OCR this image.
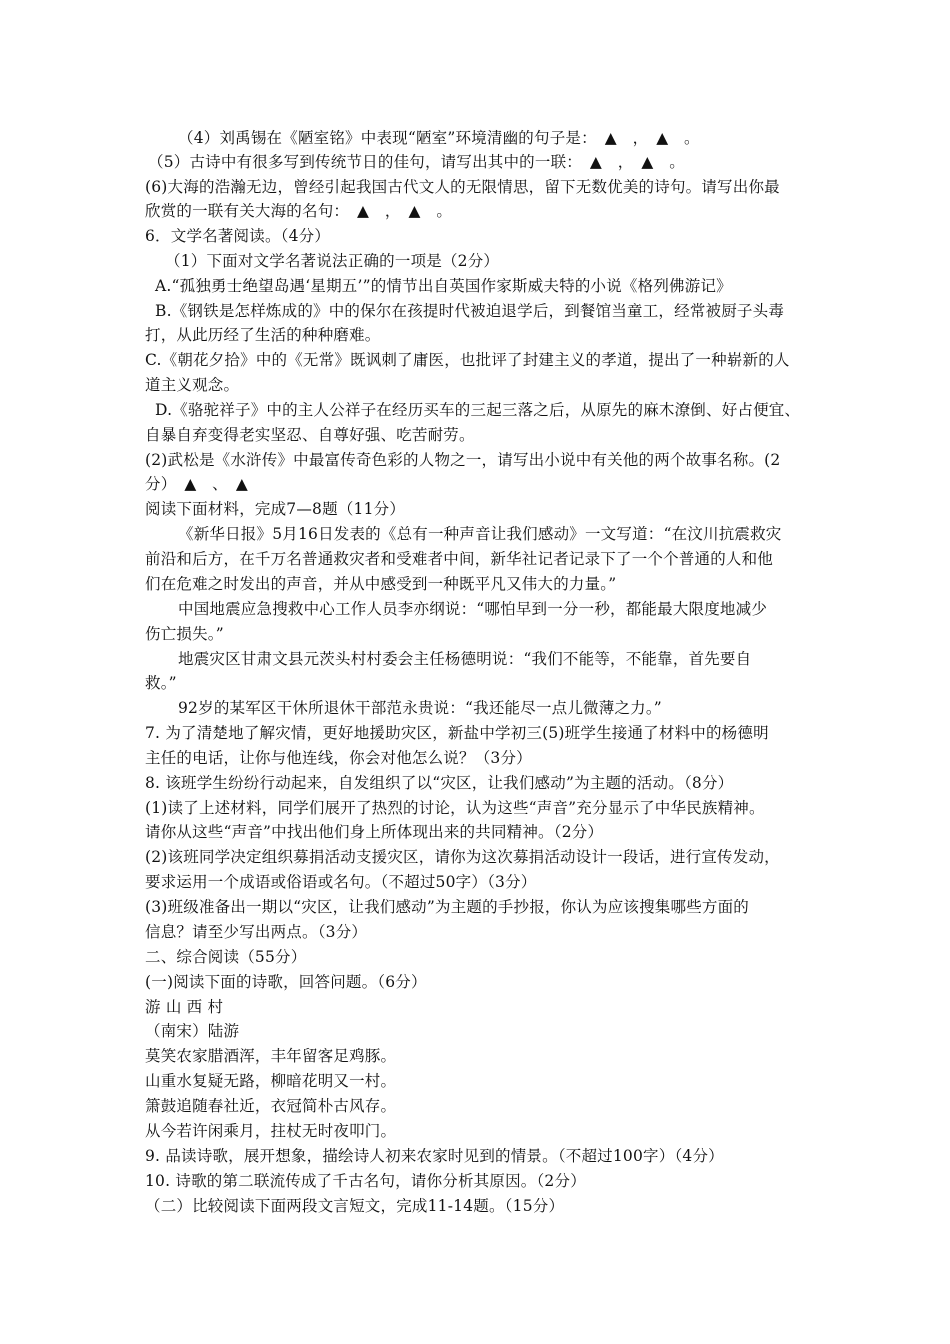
（4）刘禹锡在《陋室铭》中表现“陋室”环境清幽的句子是：　▲　，　▲　。
（5）古诗中有很多写到传统节日的佳句，请写出其中的一联：　▲　，　▲　。
(6)大海的浩瀚无边，曾经引起我国古代文人的无限情思，留下无数优美的诗句。请写出你最
欣赏的一联有关大海的名句：　▲　，　▲　。
6．文学名著阅读。（4分）
（1）下面对文学名著说法正确的一项是（2分）
A.“孤独勇士绝望岛遇‘星期五’”的情节出自英国作家斯威夫特的小说《格列佛游记》
B.《钢铁是怎样炼成的》中的保尔在孩提时代被迫退学后，到餐馆当童工，经常被厨子头毒
打，从此历经了生活的种种磨难。
C.《朝花夕拾》中的《无常》既讽刺了庸医，也批评了封建主义的孝道，提出了一种崭新的人
道主义观念。
D.《骆驼祥子》中的主人公祥子在经历买车的三起三落之后，从原先的麻木潦倒、好占便宜、
自暴自弃变得老实坚忍、自尊好强、吃苦耐劳。
(2)武松是《水浒传》中最富传奇色彩的人物之一，请写出小说中有关他的两个故事名称。(2
分）　▲　、　▲
阅读下面材料，完成7—8题（11分）
《新华日报》5月16日发表的《总有一种声音让我们感动》一文写道：“在汶川抗震救灾
前沿和后方，在千万名普通救灾者和受难者中间，新华社记者记录下了一个个普通的人和他
们在危难之时发出的声音，并从中感受到一种既平凡又伟大的力量。”
中国地震应急搜救中心工作人员李亦纲说：“哪怕早到一分一秒，都能最大限度地减少
伤亡损失。”
地震灾区甘肃文县元茨头村村委会主任杨德明说：“我们不能等，不能靠，首先要自
救。”
92岁的某军区干休所退休干部范永贵说：“我还能尽一点儿微薄之力。”
7. 为了清楚地了解灾情，更好地援助灾区，新盐中学初三(5)班学生接通了材料中的杨德明
主任的电话，让你与他连线，你会对他怎么说？（3分）
8. 该班学生纷纷行动起来，自发组织了以“灾区，让我们感动”为主题的活动。（8分）
(1)读了上述材料，同学们展开了热烈的讨论，认为这些“声音”充分显示了中华民族精神。
请你从这些“声音”中找出他们身上所体现出来的共同精神。（2分）
(2)该班同学决定组织募捐活动支援灾区，请你为这次募捐活动设计一段话，进行宣传发动，
要求运用一个成语或俗语或名句。（不超过50字）（3分）
(3)班级准备出一期以“灾区，让我们感动”为主题的手抄报，你认为应该搜集哪些方面的
信息？请至少写出两点。（3分）
二、综合阅读（55分）
(一)阅读下面的诗歌，回答问题。（6分）
游 山 西 村
（南宋）陆游
莫笑农家腊酒浑，丰年留客足鸡豚。
山重水复疑无路，柳暗花明又一村。
箫鼓追随春社近，衣冠简朴古风存。
从今若许闲乘月，拄杖无时夜叩门。
9. 品读诗歌，展开想象，描绘诗人初来农家时见到的情景。（不超过100字）（4分）
10. 诗歌的第二联流传成了千古名句，请你分析其原因。（2分）
（二）比较阅读下面两段文言短文，完成11-14题。（15分）
